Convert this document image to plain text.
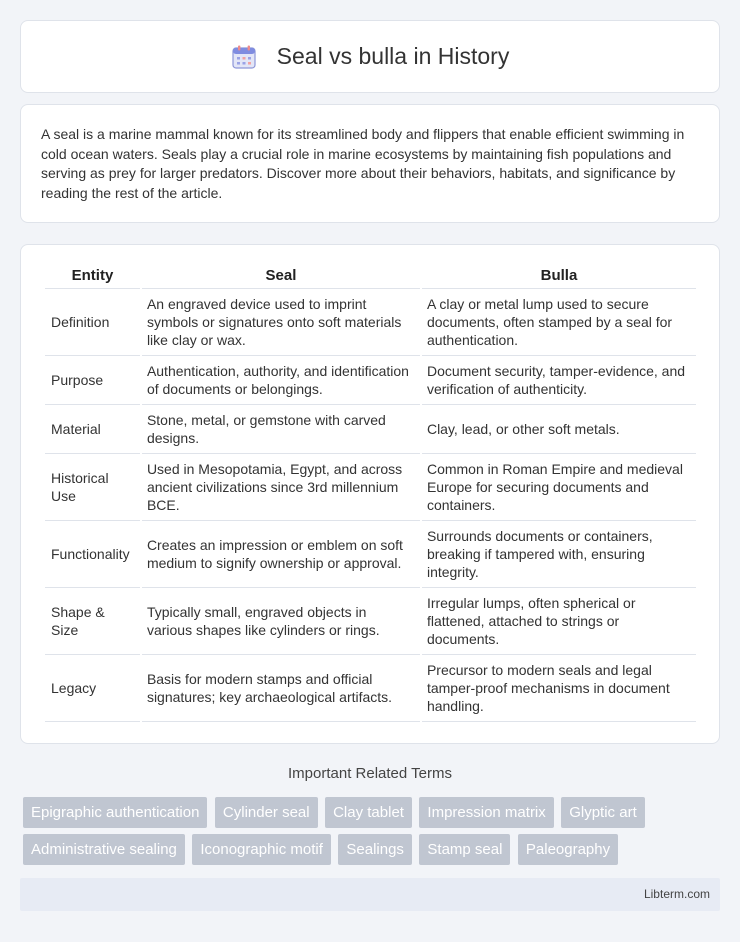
Seal vs bulla in History

A seal is a marine mammal known for its streamlined body and flippers that enable efficient swimming in cold ocean waters. Seals play a crucial role in marine ecosystems by maintaining fish populations and serving as prey for larger predators. Discover more about their behaviors, habitats, and significance by reading the rest of the article.

Entity	Seal	Bulla
Definition	An engraved device used to imprint symbols or signatures onto soft materials like clay or wax.	A clay or metal lump used to secure documents, often stamped by a seal for authentication.
Purpose	Authentication, authority, and identification of documents or belongings.	Document security, tamper-evidence, and verification of authenticity.
Material	Stone, metal, or gemstone with carved designs.	Clay, lead, or other soft metals.
Historical Use	Used in Mesopotamia, Egypt, and across ancient civilizations since 3rd millennium BCE.	Common in Roman Empire and medieval Europe for securing documents and containers.
Functionality	Creates an impression or emblem on soft medium to signify ownership or approval.	Surrounds documents or containers, breaking if tampered with, ensuring integrity.
Shape & Size	Typically small, engraved objects in various shapes like cylinders or rings.	Irregular lumps, often spherical or flattened, attached to strings or documents.
Legacy	Basis for modern stamps and official signatures; key archaeological artifacts.	Precursor to modern seals and legal tamper-proof mechanisms in document handling.
Important Related Terms
Epigraphic authentication Cylinder seal Clay tablet Impression matrix Glyptic art Administrative sealing Iconographic motif Sealings Stamp seal Paleography
Libterm.com
